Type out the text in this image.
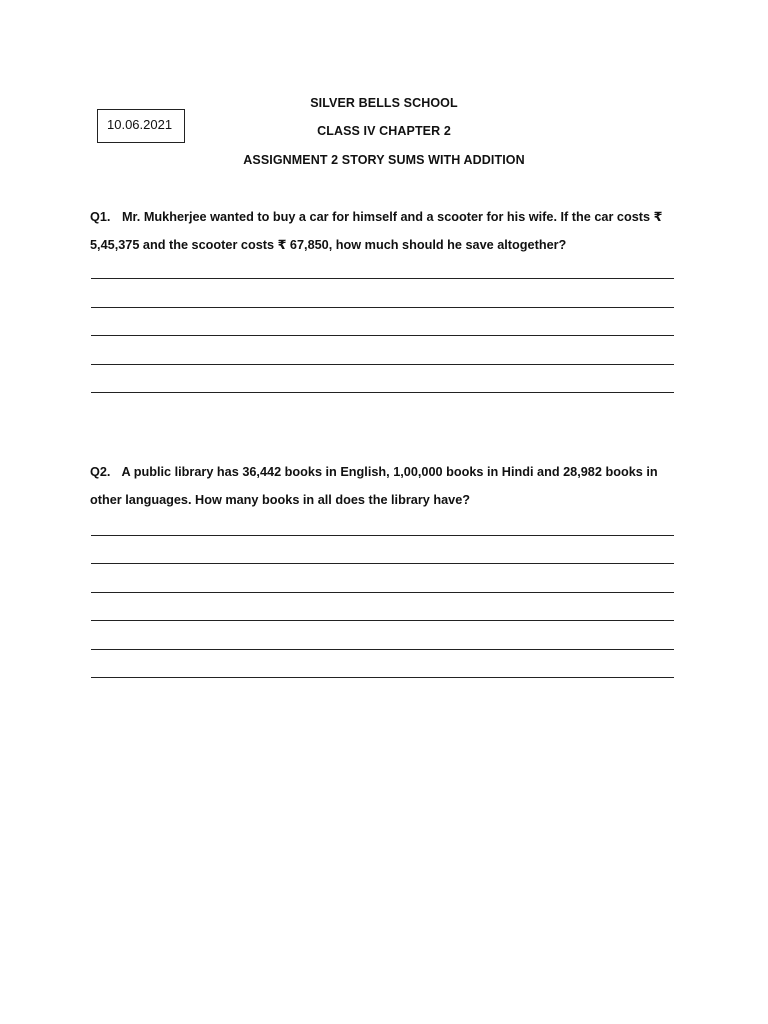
10.06.2021
SILVER BELLS SCHOOL
CLASS IV CHAPTER 2
ASSIGNMENT 2 STORY SUMS WITH ADDITION

Q1. Mr. Mukherjee wanted to buy a car for himself and a scooter for his wife. If the car costs ₹ 5,45,375 and the scooter costs ₹ 67,850, how much should he save altogether?

Q2. A public library has 36,442 books in English, 1,00,000 books in Hindi and 28,982 books in other languages. How many books in all does the library have?
